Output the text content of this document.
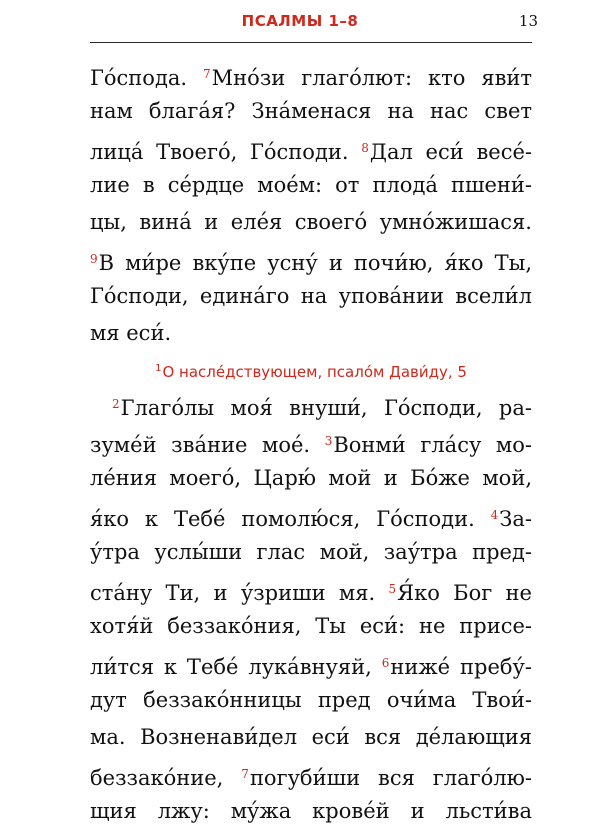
ПСАЛМЫ 1–8	13
Го́спода. $^7$Мно́зи глаго́лют: кто яви́т
нам блага́я? Зна́менася на нас свет
лица́ Твоего́, Го́споди. $^8$Дал еси́ весе́-
лие в се́рдце мое́м: от плода́ пшени́-
цы, вина́ и еле́я своего́ умно́жишася.
$^9$В ми́ре вку́пе усну́ и почи́ю, я́ко Ты,
Го́споди, едина́го на упова́нии всели́л
мя еси́.
$^1$О насле́дствующем, псало́м Дави́ду, 5
$^2$Глаго́лы моя́ внуши́, Го́споди, ра-
зуме́й зва́ние мое́. $^3$Вонми́ гла́су мо-
ле́ния моего́, Царю́ мой и Бо́же мой,
я́ко к Тебе́ помолю́ся, Го́споди. $^4$За-
у́тра услы́ши глас мой, зау́тра пред-
ста́ну Ти, и у́зриши мя. $^5$Я́ко Бог не
хотя́й беззако́ния, Ты еси́: не присе-
ли́тся к Тебе́ лука́внуяй, $^6$ниже́ пребу́-
дут беззако́нницы пред очи́ма Твои́-
ма. Возненави́дел еси́ вся де́лающия
беззако́ние, $^7$погуби́ши вся глаго́лю-
щия лжу: му́жа крове́й и льсти́ва
